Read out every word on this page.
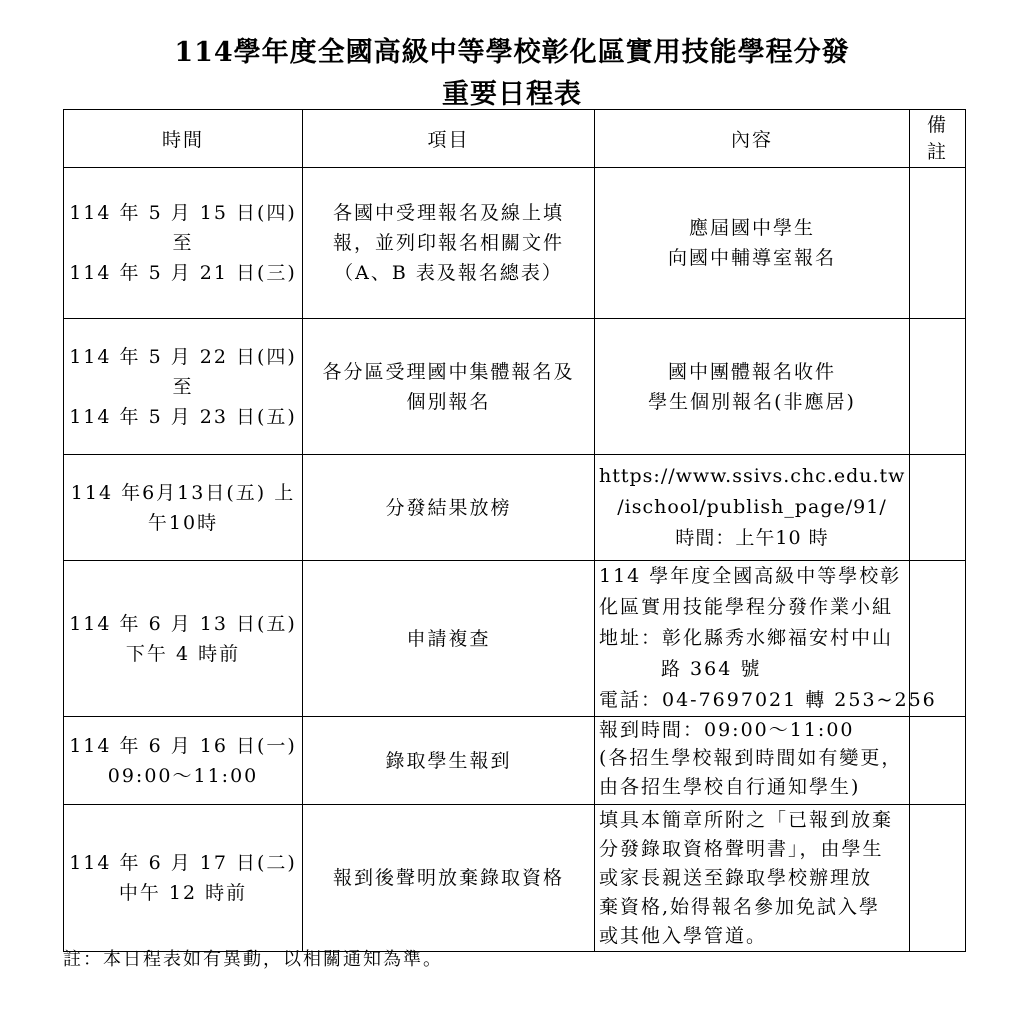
114學年度全國高級中等學校彰化區實用技能學程分發
重要日程表
時間	項目	內容	備
註

114 年 5 月 15 日(四)
至
114 年 5 月 21 日(三)	各國中受理報名及線上填
報，並列印報名相關文件
（A、B 表及報名總表）	應屆國中學生
向國中輔導室報名	

114 年 5 月 22 日(四)
至
114 年 5 月 23 日(五)	各分區受理國中集體報名及
個別報名	國中團體報名收件
學生個別報名(非應居)	

114 年6月13日(五) 上
午10時	分發結果放榜	https://www.ssivs.chc.edu.tw
/ischool/publish_page/91/
時間：上午10 時	

114 年 6 月 13 日(五)
下午 4 時前	申請複查	114 學年度全國高級中等學校彰
化區實用技能學程分發作業小組
地址：彰化縣秀水鄉福安村中山
路 364 號
電話：04-7697021 轉 253~256	

114 年 6 月 16 日(一)
09:00～11:00	錄取學生報到	報到時間：09:00～11:00
(各招生學校報到時間如有變更，
由各招生學校自行通知學生)	

114 年 6 月 17 日(二)
中午 12 時前	報到後聲明放棄錄取資格	填具本簡章所附之「已報到放棄
分發錄取資格聲明書」，由學生
或家長親送至錄取學校辦理放
棄資格,始得報名參加免試入學
或其他入學管道。	

註：本日程表如有異動，以相關通知為準。
